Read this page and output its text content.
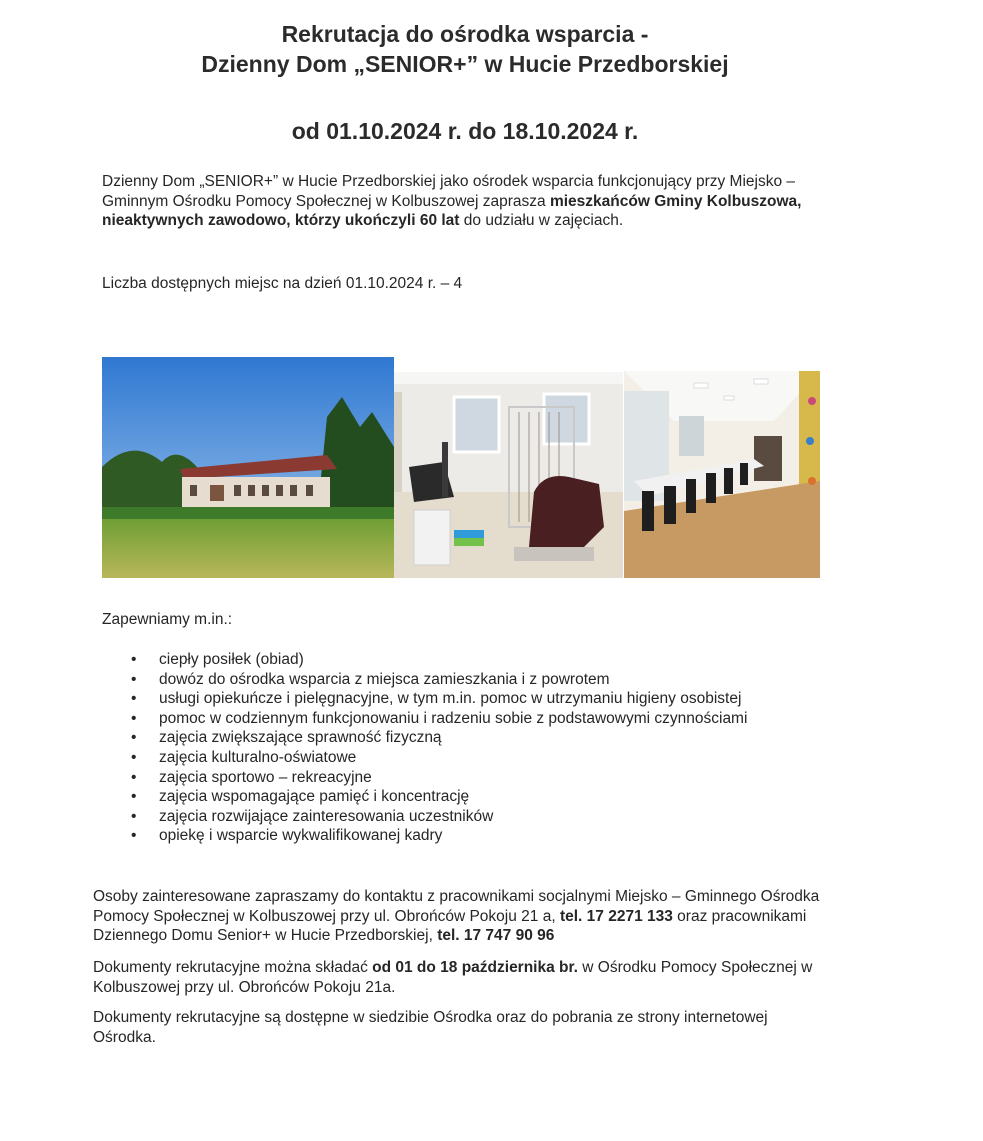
Rekrutacja do ośrodka wsparcia -
Dzienny Dom „SENIOR+” w Hucie Przedborskiej
od 01.10.2024 r. do 18.10.2024 r.

Dzienny Dom „SENIOR+” w Hucie Przedborskiej jako ośrodek wsparcia funkcjonujący przy Miejsko – Gminnym Ośrodku Pomocy Społecznej w Kolbuszowej zaprasza mieszkańców Gminy Kolbuszowa, nieaktywnych zawodowo, którzy ukończyli 60 lat do udziału w zajęciach.

Liczba dostępnych miejsc na dzień 01.10.2024 r. – 4

Zapewniamy m.in.:

• ciepły posiłek (obiad)
• dowóz do ośrodka wsparcia z miejsca zamieszkania i z powrotem
• usługi opiekuńcze i pielęgnacyjne, w tym m.in. pomoc w utrzymaniu higieny osobistej
• pomoc w codziennym funkcjonowaniu i radzeniu sobie z podstawowymi czynnościami
• zajęcia zwiększające sprawność fizyczną
• zajęcia kulturalno-oświatowe
• zajęcia sportowo – rekreacyjne
• zajęcia wspomagające pamięć i koncentrację
• zajęcia rozwijające zainteresowania uczestników
• opiekę i wsparcie wykwalifikowanej kadry

Osoby zainteresowane zapraszamy do kontaktu z pracownikami socjalnymi Miejsko – Gminnego Ośrodka Pomocy Społecznej w Kolbuszowej przy ul. Obrońców Pokoju 21 a, tel. 17 2271 133 oraz pracownikami Dziennego Domu Senior+ w Hucie Przedborskiej, tel. 17 747 90 96

Dokumenty rekrutacyjne można składać od 01 do 18 października br. w Ośrodku Pomocy Społecznej w Kolbuszowej przy ul. Obrońców Pokoju 21a.

Dokumenty rekrutacyjne są dostępne w siedzibie Ośrodka oraz do pobrania ze strony internetowej Ośrodka.
